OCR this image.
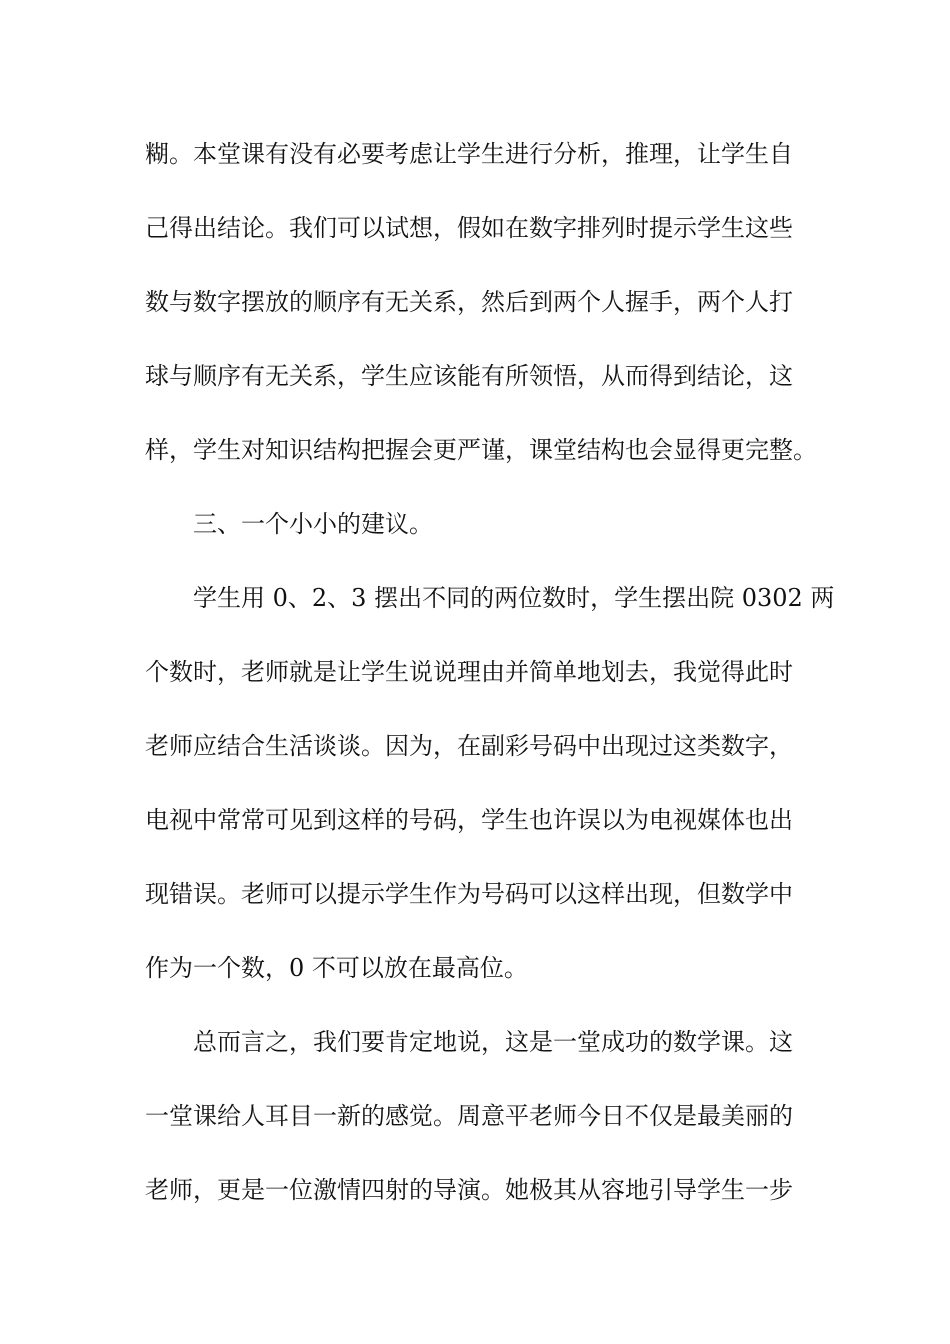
糊。本堂课有没有必要考虑让学生进行分析，推理，让学生自
己得出结论。我们可以试想，假如在数字排列时提示学生这些
数与数字摆放的顺序有无关系，然后到两个人握手，两个人打
球与顺序有无关系，学生应该能有所领悟，从而得到结论，这
样，学生对知识结构把握会更严谨，课堂结构也会显得更完整。
三、一个小小的建议。
学生用 0、2、3 摆出不同的两位数时，学生摆出院 0302 两
个数时，老师就是让学生说说理由并简单地划去，我觉得此时
老师应结合生活谈谈。因为，在副彩号码中出现过这类数字，
电视中常常可见到这样的号码，学生也许误以为电视媒体也出
现错误。老师可以提示学生作为号码可以这样出现，但数学中
作为一个数，0 不可以放在最高位。
总而言之，我们要肯定地说，这是一堂成功的数学课。这
一堂课给人耳目一新的感觉。周意平老师今日不仅是最美丽的
老师，更是一位激情四射的导演。她极其从容地引导学生一步
